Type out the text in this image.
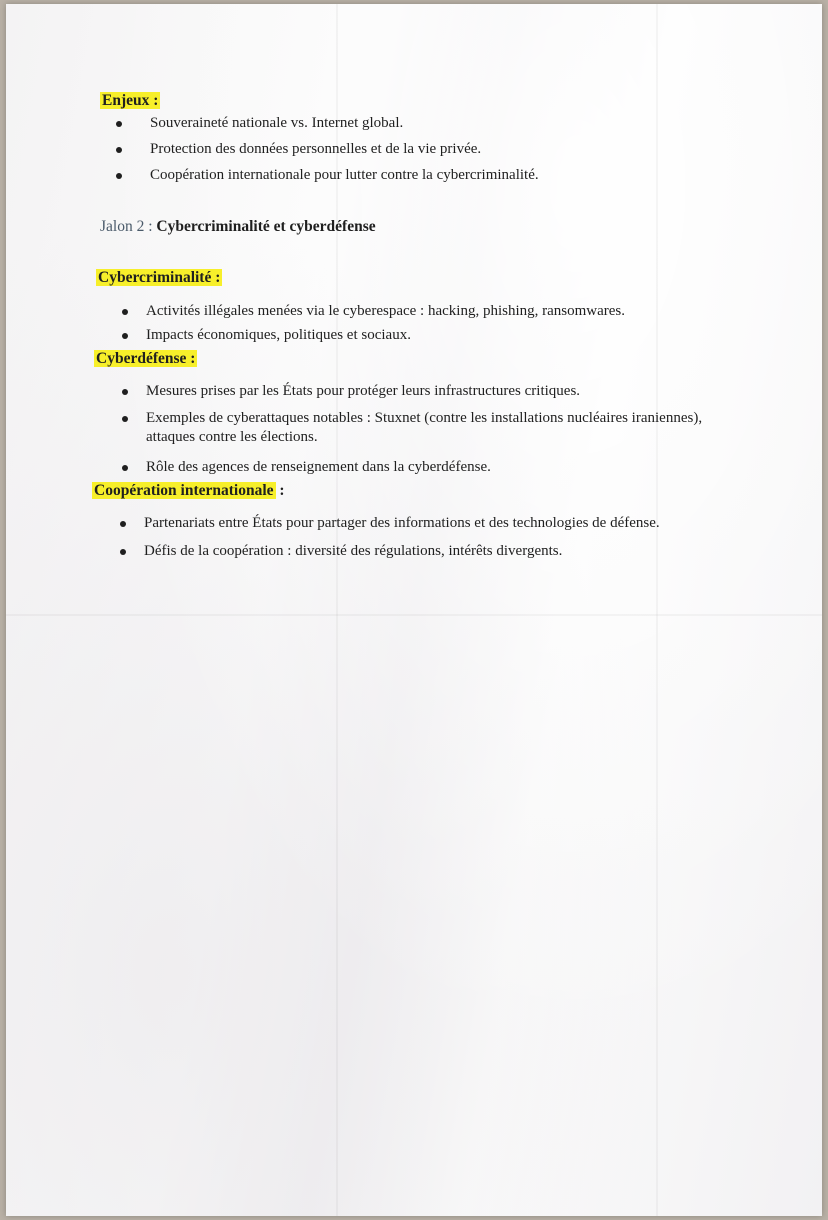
Enjeux :
Souveraineté nationale vs. Internet global.
Protection des données personnelles et de la vie privée.
Coopération internationale pour lutter contre la cybercriminalité.
Jalon 2 : Cybercriminalité et cyberdéfense
Cybercriminalité :
Activités illégales menées via le cyberespace : hacking, phishing, ransomwares.
Impacts économiques, politiques et sociaux.
Cyberdéfense :
Mesures prises par les États pour protéger leurs infrastructures critiques.
Exemples de cyberattaques notables : Stuxnet (contre les installations nucléaires iraniennes), attaques contre les élections.
Rôle des agences de renseignement dans la cyberdéfense.
Coopération internationale :
Partenariats entre États pour partager des informations et des technologies de défense.
Défis de la coopération : diversité des régulations, intérêts divergents.
